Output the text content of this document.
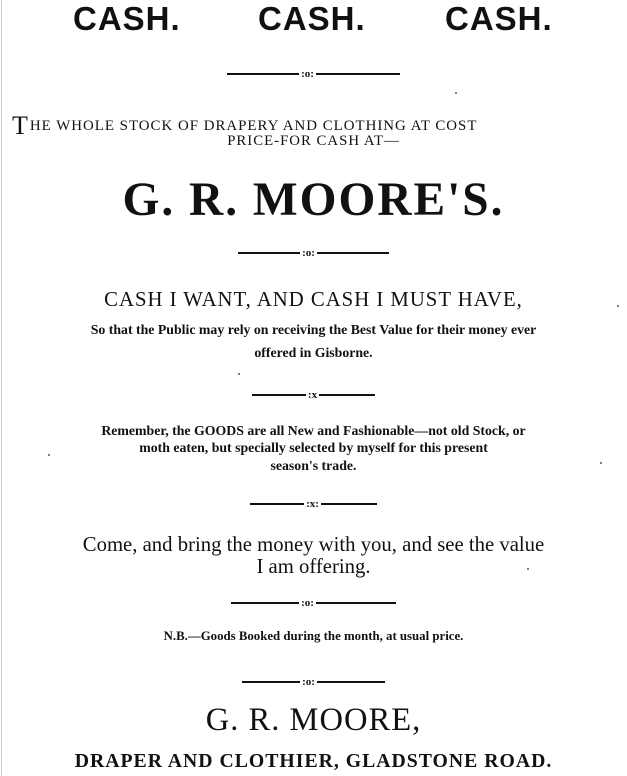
CASH. CASH. CASH.
:o:
THE WHOLE STOCK OF DRAPERY AND CLOTHING AT COST
PRICE-FOR CASH AT—
G. R. MOORE'S.
:o:
CASH I WANT, AND CASH I MUST HAVE,
So that the Public may rely on receiving the Best Value for their money ever
offered in Gisborne.
:x
Remember, the GOODS are all New and Fashionable—not old Stock, or
moth eaten, but specially selected by myself for this present
season's trade.
:x:
Come, and bring the money with you, and see the value
I am offering.
:o:
N.B.—Goods Booked during the month, at usual price.
:o:
G. R. MOORE,
DRAPER AND CLOTHIER, GLADSTONE ROAD.
